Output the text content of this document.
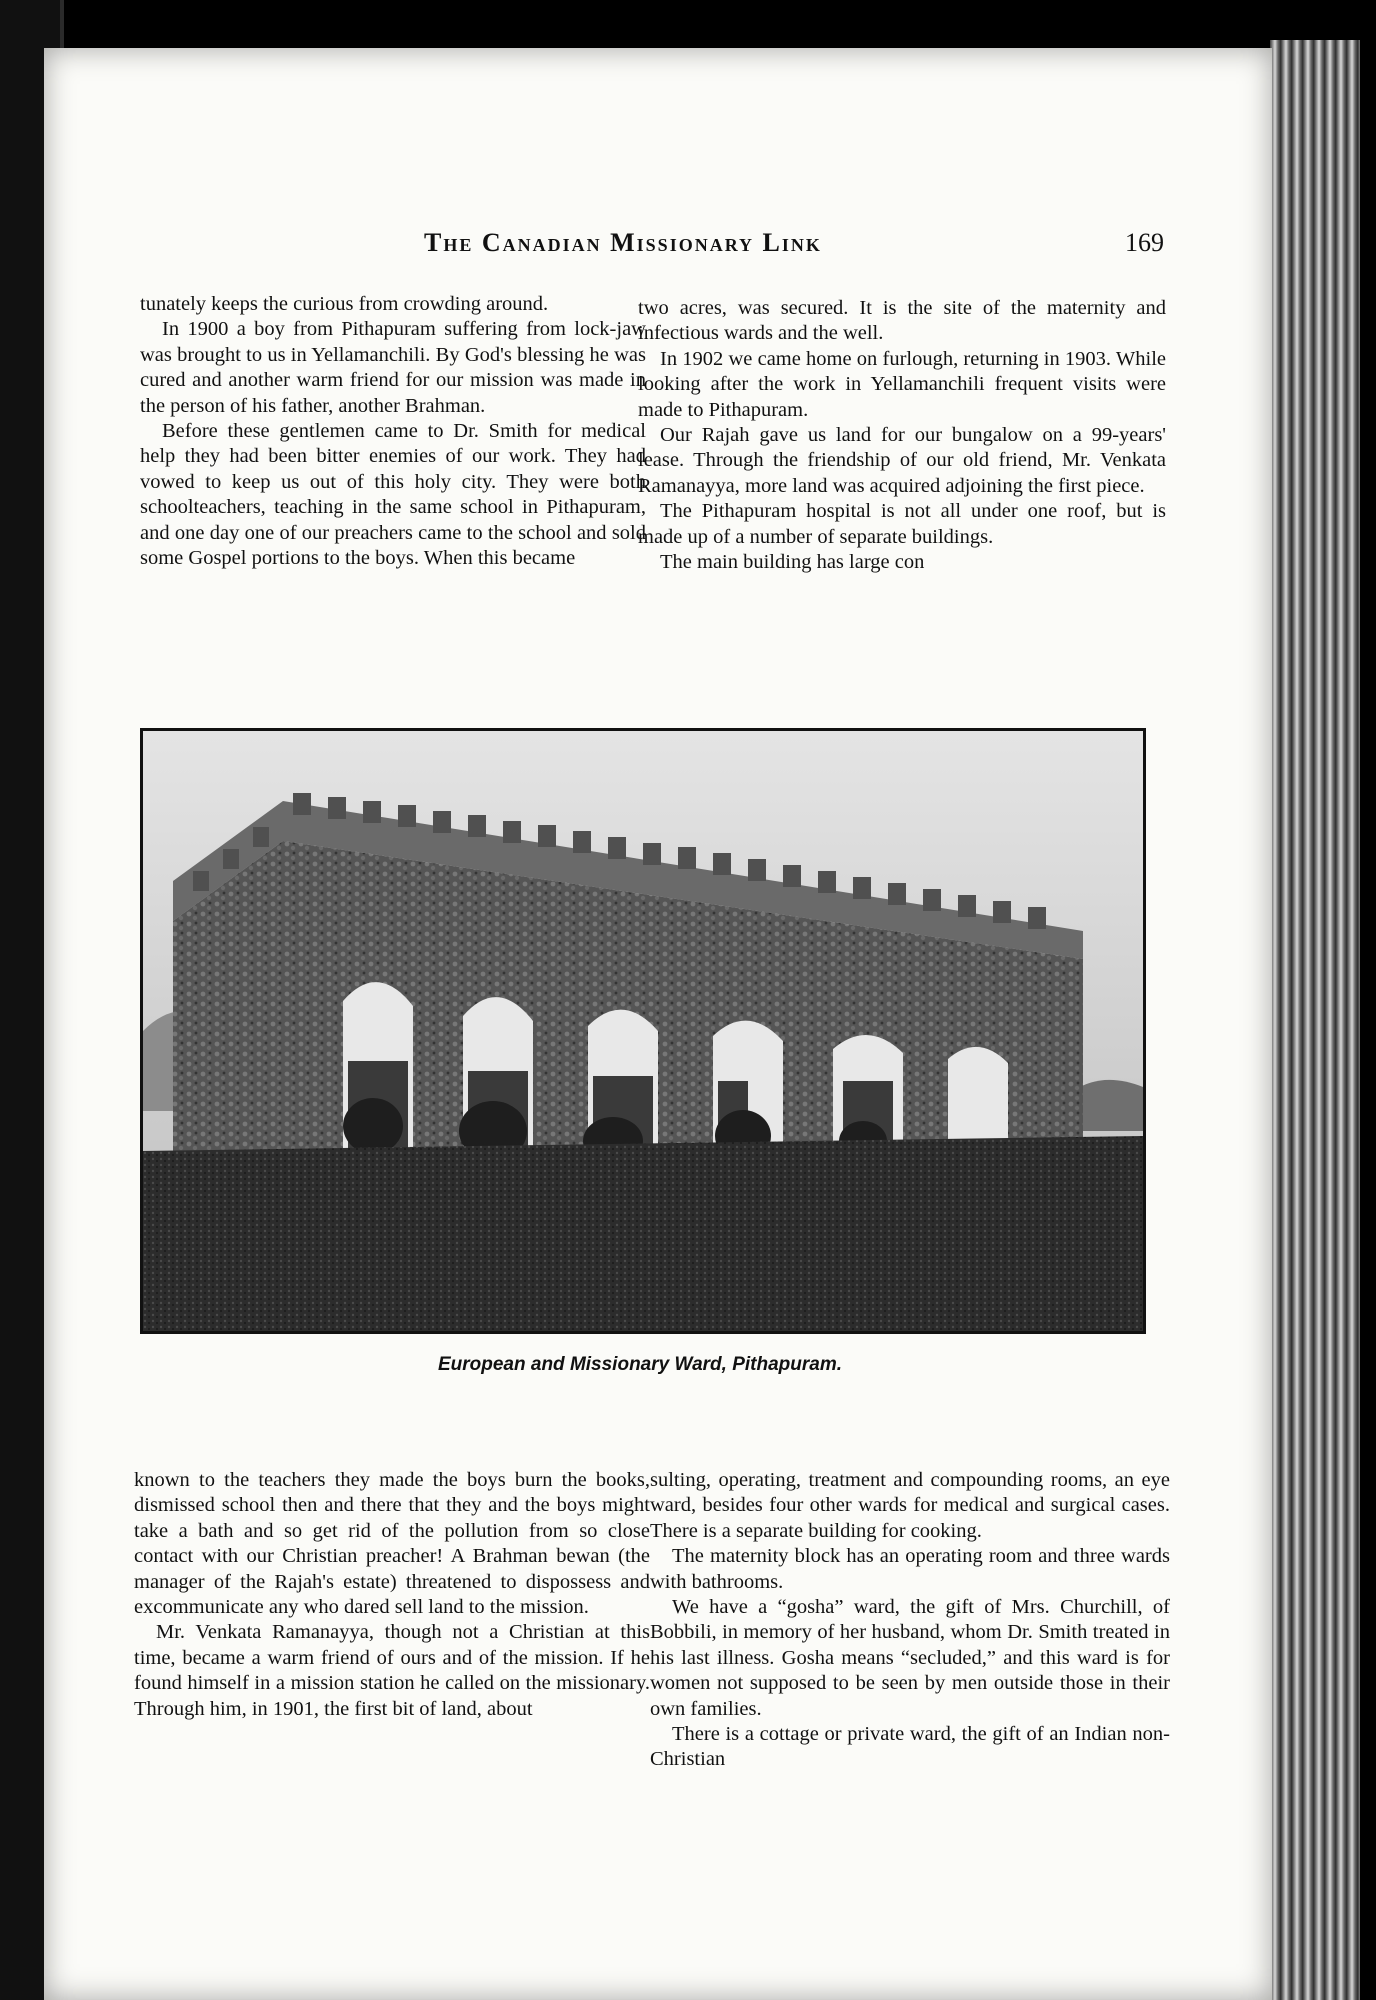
The Canadian Missionary Link	169

tunately keeps the curious from crowding around.

In 1900 a boy from Pithapuram suffering from lock-jaw was brought to us in Yellamanchili. By God's blessing he was cured and another warm friend for our mission was made in the person of his father, another Brahman.

Before these gentlemen came to Dr. Smith for medical help they had been bitter enemies of our work. They had vowed to keep us out of this holy city. They were both schoolteachers, teaching in the same school in Pithapuram, and one day one of our preachers came to the school and sold some Gospel portions to the boys. When this became

two acres, was secured. It is the site of the maternity and infectious wards and the well.

In 1902 we came home on furlough, returning in 1903. While looking after the work in Yellamanchili frequent visits were made to Pithapuram.

Our Rajah gave us land for our bungalow on a 99-years' lease. Through the friendship of our old friend, Mr. Venkata Ramanayya, more land was acquired adjoining the first piece.

The Pithapuram hospital is not all under one roof, but is made up of a number of separate buildings.

The main building has large con

European and Missionary Ward, Pithapuram.

known to the teachers they made the boys burn the books, dismissed school then and there that they and the boys might take a bath and so get rid of the pollution from so close contact with our Christian preacher! A Brahman bewan (the manager of the Rajah's estate) threatened to dispossess and excommunicate any who dared sell land to the mission.

Mr. Venkata Ramanayya, though not a Christian at this time, became a warm friend of ours and of the mission. If he found himself in a mission station he called on the missionary. Through him, in 1901, the first bit of land, about

sulting, operating, treatment and compounding rooms, an eye ward, besides four other wards for medical and surgical cases. There is a separate building for cooking.

The maternity block has an operating room and three wards with bathrooms.

We have a “gosha” ward, the gift of Mrs. Churchill, of Bobbili, in memory of her husband, whom Dr. Smith treated in his last illness. Gosha means “secluded,” and this ward is for women not supposed to be seen by men outside those in their own families.

There is a cottage or private ward, the gift of an Indian non-Christian
